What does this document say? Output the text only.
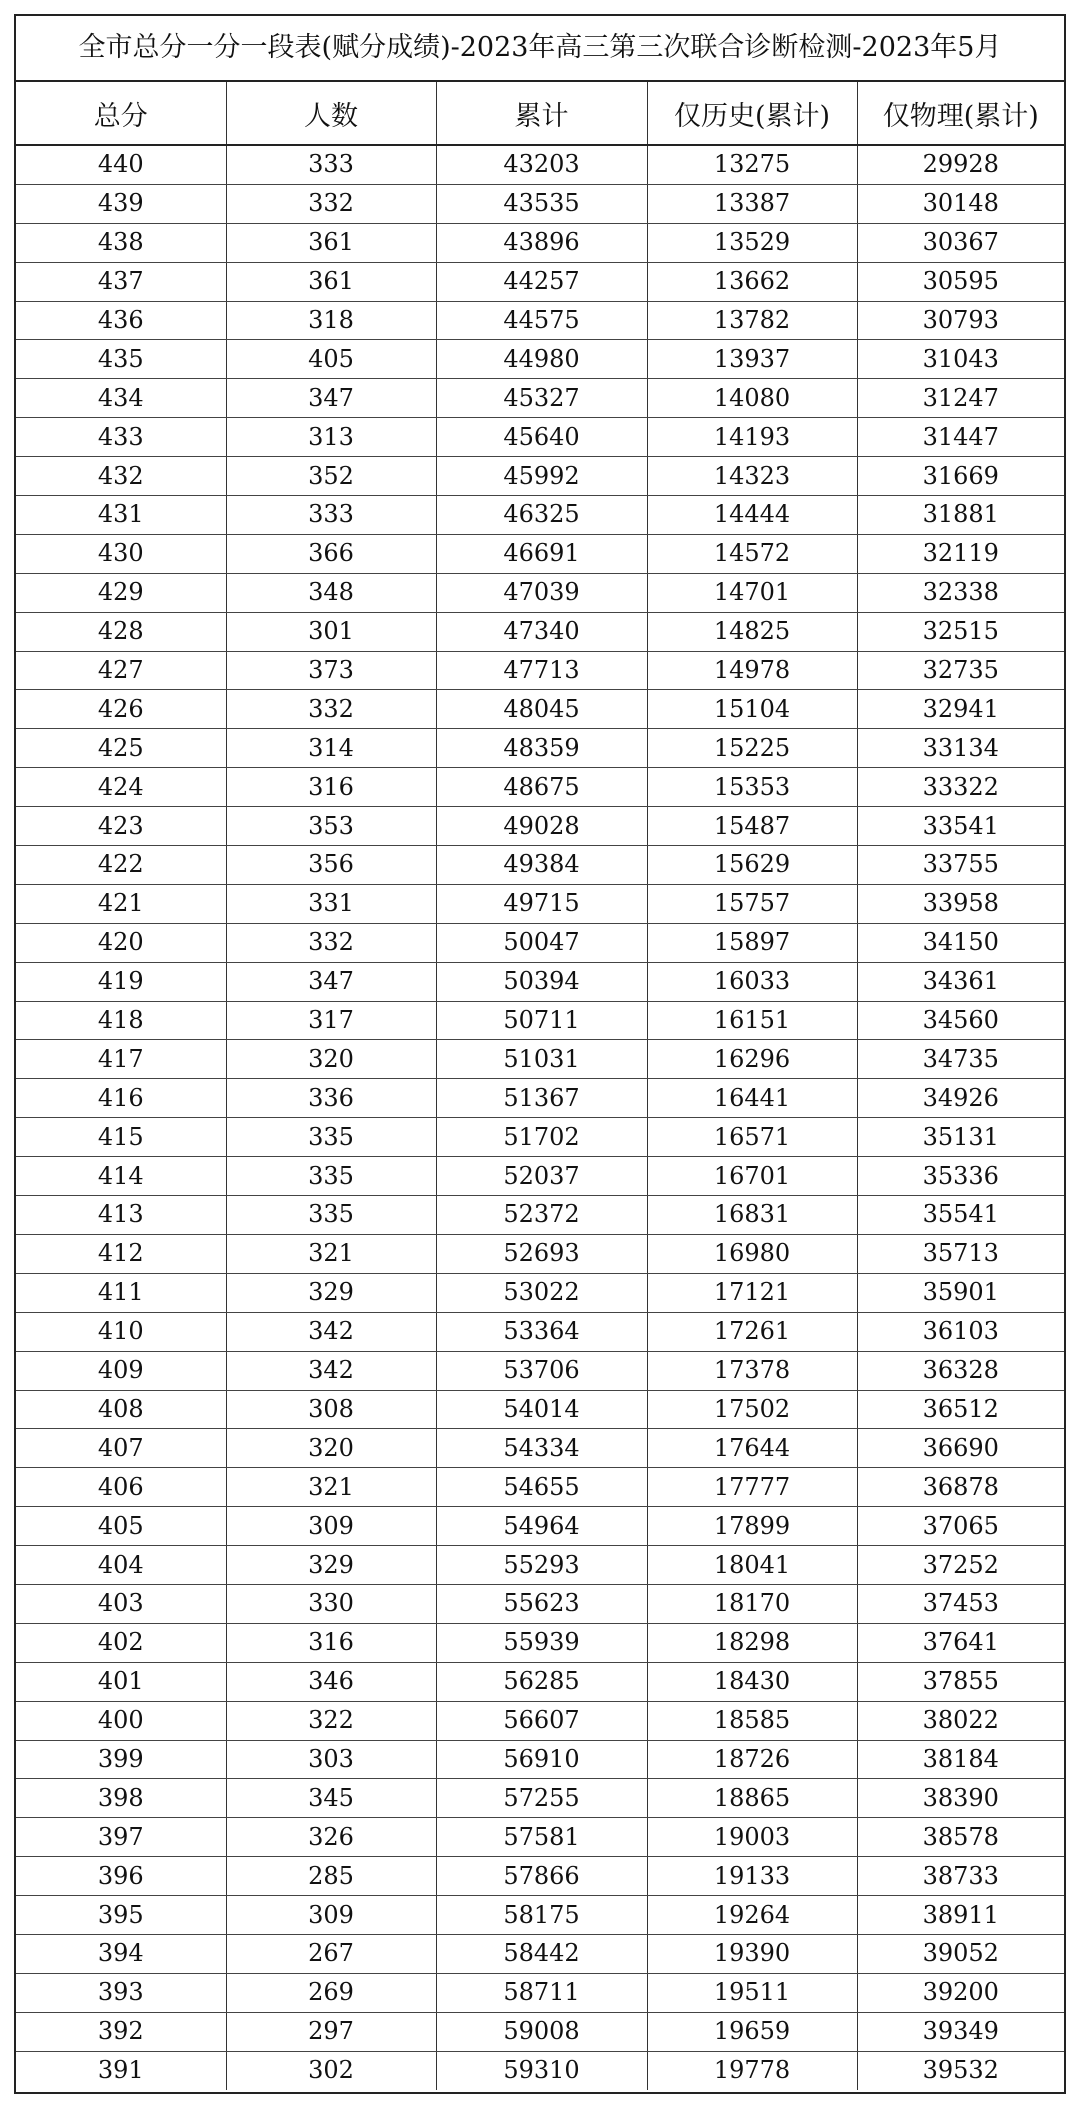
全市总分一分一段表(赋分成绩)-2023年高三第三次联合诊断检测-2023年5月
总分	人数	累计	仅历史(累计)	仅物理(累计)
440	333	43203	13275	29928
439	332	43535	13387	30148
438	361	43896	13529	30367
437	361	44257	13662	30595
436	318	44575	13782	30793
435	405	44980	13937	31043
434	347	45327	14080	31247
433	313	45640	14193	31447
432	352	45992	14323	31669
431	333	46325	14444	31881
430	366	46691	14572	32119
429	348	47039	14701	32338
428	301	47340	14825	32515
427	373	47713	14978	32735
426	332	48045	15104	32941
425	314	48359	15225	33134
424	316	48675	15353	33322
423	353	49028	15487	33541
422	356	49384	15629	33755
421	331	49715	15757	33958
420	332	50047	15897	34150
419	347	50394	16033	34361
418	317	50711	16151	34560
417	320	51031	16296	34735
416	336	51367	16441	34926
415	335	51702	16571	35131
414	335	52037	16701	35336
413	335	52372	16831	35541
412	321	52693	16980	35713
411	329	53022	17121	35901
410	342	53364	17261	36103
409	342	53706	17378	36328
408	308	54014	17502	36512
407	320	54334	17644	36690
406	321	54655	17777	36878
405	309	54964	17899	37065
404	329	55293	18041	37252
403	330	55623	18170	37453
402	316	55939	18298	37641
401	346	56285	18430	37855
400	322	56607	18585	38022
399	303	56910	18726	38184
398	345	57255	18865	38390
397	326	57581	19003	38578
396	285	57866	19133	38733
395	309	58175	19264	38911
394	267	58442	19390	39052
393	269	58711	19511	39200
392	297	59008	19659	39349
391	302	59310	19778	39532
